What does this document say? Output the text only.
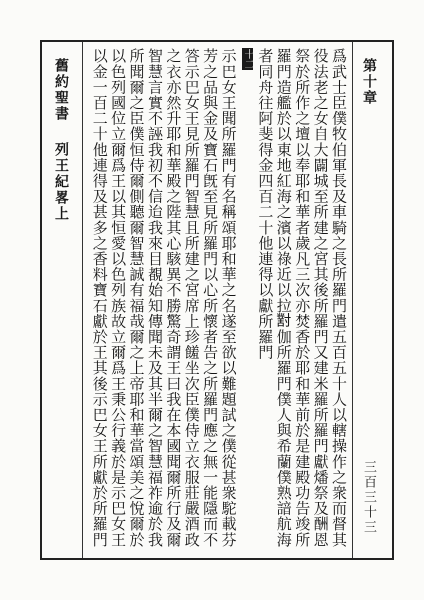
舊約聖書
列王紀畧上
第十章
三百三十三
爲武士臣僕牧伯軍長及車騎之長所羅門遣五百五十人以轄操作之衆而督其役法老之女自大闢城至所建之宮其後所羅門又建米羅所羅門獻燔祭及酬恩祭於所作之壇以奉耶和華者歲凡三次亦焚香於耶和華前於是建殿功告竣所羅門造艦於以東地紅海之濱以祿近以拉𡭊伽所羅門僕人與希蘭僕熟諳航海者同舟往阿斐得金四百二十他連得以獻所羅門
十二
示巴女王聞所羅門有名稱頌耶和華之名遂至欲以難題試之僕從甚衆駝載芬芳之品與金及寶石旣至見所羅門以心所懷者告之所羅門應之無一能隱而不答示巴女王見所羅門智慧且所建之宮席上珍饈坐次臣僕侍立衣服莊嚴酒政之衣亦然升耶和華殿之陛其心駭異不勝驚奇謂王曰我在本國聞爾所行及爾智慧言實不誣我初不信迨我來目覩始知傳聞未及其半爾之智慧福祚逾於我所聞爾之臣僕恒侍爾側聽爾智慧誠有福哉爾之上帝耶和華當頌美之悅爾於以色列國位立爾爲王以其恒愛以色列族故立爾爲王秉公行義於是示巴女王以金一百二十他連得及甚多之香料寶石獻於王其後示巴女王所獻於所羅門
